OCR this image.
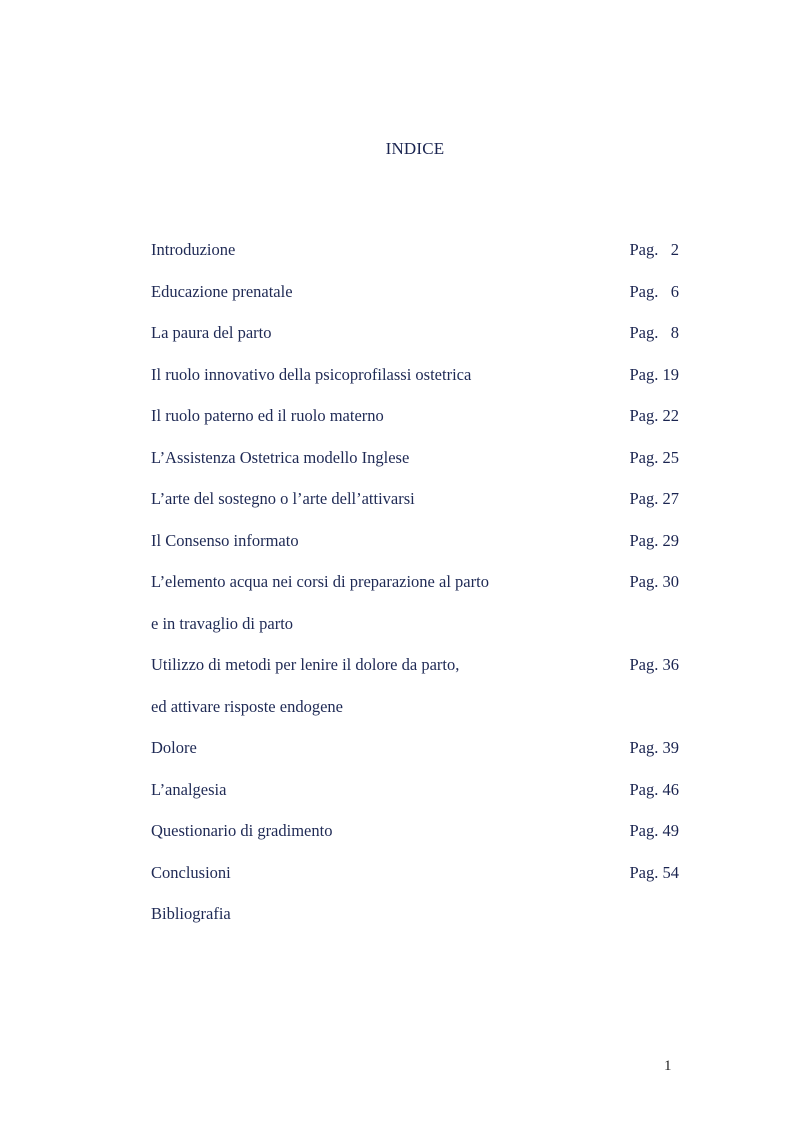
INDICE
Introduzione	Pag.   2
Educazione prenatale	Pag.   6
La paura del parto	Pag.   8
Il ruolo innovativo della psicoprofilassi ostetrica	Pag. 19
Il ruolo paterno ed il ruolo materno	Pag. 22
L’Assistenza Ostetrica modello Inglese	Pag. 25
L’arte del sostegno o l’arte dell’attivarsi	Pag. 27
Il Consenso informato	Pag. 29
L’elemento acqua nei corsi di preparazione al parto	Pag. 30
e in travaglio di parto
Utilizzo di metodi per lenire il dolore da parto,	Pag. 36
ed attivare risposte endogene
Dolore	Pag. 39
L’analgesia	Pag. 46
Questionario di gradimento	Pag. 49
Conclusioni	Pag. 54
Bibliografia
1
